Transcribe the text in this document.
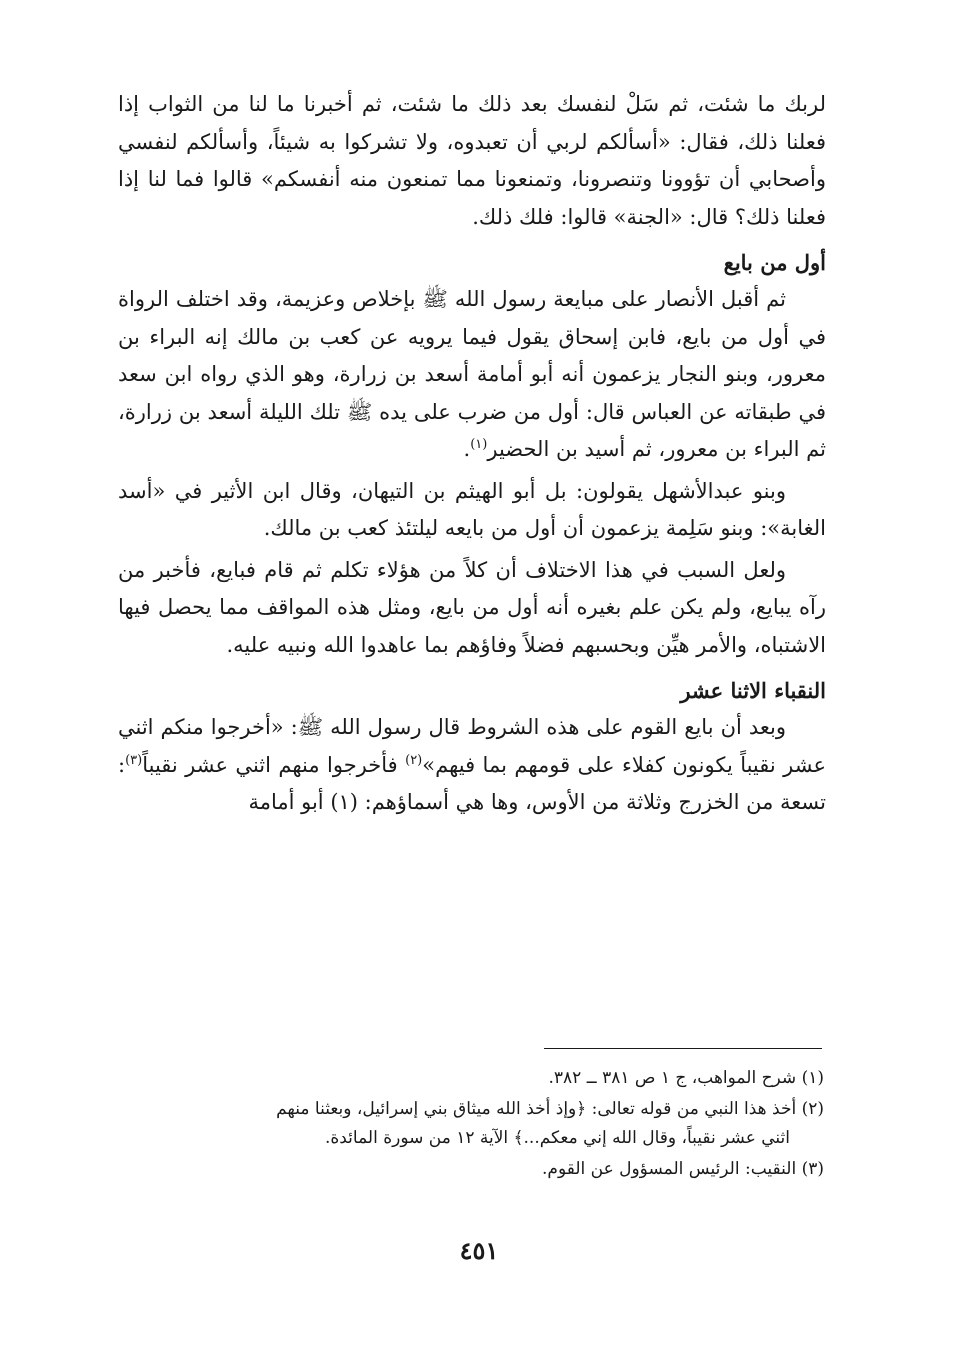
لربك ما شئت، ثم سَلْ لنفسك بعد ذلك ما شئت، ثم أخبرنا ما لنا من الثواب إذا فعلنا ذلك، فقال: «أسألكم لربي أن تعبدوه، ولا تشركوا به شيئاً، وأسألكم لنفسي وأصحابي أن تؤوونا وتنصرونا، وتمنعونا مما تمنعون منه أنفسكم» قالوا فما لنا إذا فعلنا ذلك؟ قال: «الجنة» قالوا: فلك ذلك.

أول من بايع

ثم أقبل الأنصار على مبايعة رسول الله ﷺ بإخلاص وعزيمة، وقد اختلف الرواة في أول من بايع، فابن إسحاق يقول فيما يرويه عن كعب بن مالك إنه البراء بن معرور، وبنو النجار يزعمون أنه أبو أمامة أسعد بن زرارة، وهو الذي رواه ابن سعد في طبقاته عن العباس قال: أول من ضرب على يده ﷺ تلك الليلة أسعد بن زرارة، ثم البراء بن معرور، ثم أسيد بن الحضير$^{(١)}$.

وبنو عبدالأشهل يقولون: بل أبو الهيثم بن التيهان، وقال ابن الأثير في «أسد الغابة»: وبنو سَلِمة يزعمون أن أول من بايعه ليلتئذ كعب بن مالك.

ولعل السبب في هذا الاختلاف أن كلاً من هؤلاء تكلم ثم قام فبايع، فأخبر من رآه يبايع، ولم يكن علم بغيره أنه أول من بايع، ومثل هذه المواقف مما يحصل فيها الاشتباه، والأمر هيِّن وبحسبهم فضلاً وفاؤهم بما عاهدوا الله ونبيه عليه.

النقباء الاثنا عشر

وبعد أن بايع القوم على هذه الشروط قال رسول الله ﷺ: «أخرجوا منكم اثني عشر نقيباً يكونون كفلاء على قومهم بما فيهم»$^{(٢)}$ فأخرجوا منهم اثني عشر نقيباً$^{(٣)}$: تسعة من الخزرج وثلاثة من الأوس، وها هي أسماؤهم: (١) أبو أمامة

(١) شرح المواهب، ج ١ ص ٣٨١ ــ ٣٨٢.

(٢) أخذ هذا النبي من قوله تعالى: ﴿وإذ أخذ الله ميثاق بني إسرائيل، وبعثنا منهم
اثني عشر نقيباً، وقال الله إني معكم...﴾ الآية ١٢ من سورة المائدة.

(٣) النقيب: الرئيس المسؤول عن القوم.

٤٥١
